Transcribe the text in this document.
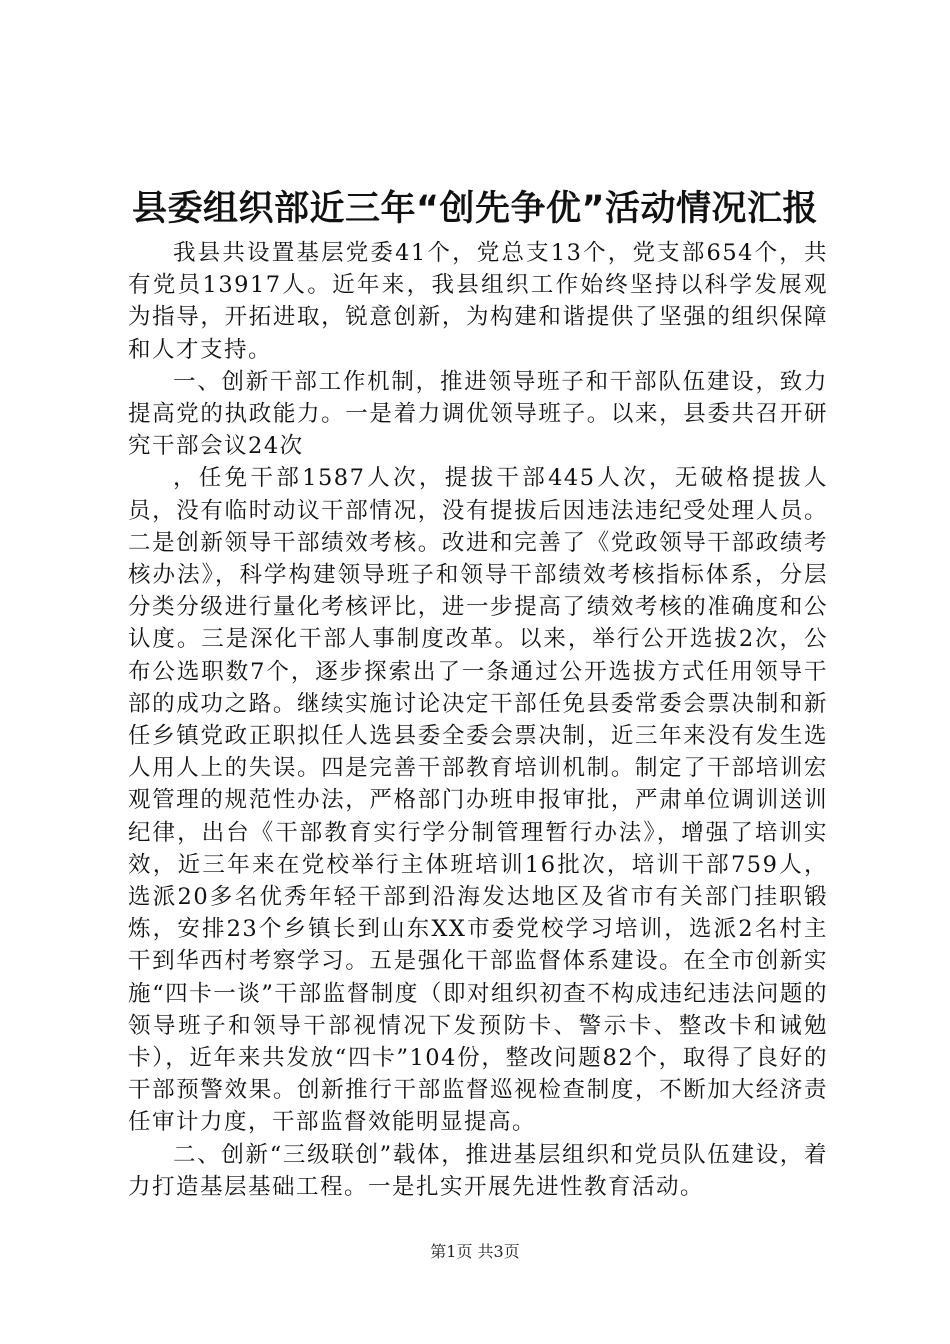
县委组织部近三年“创先争优”活动情况汇报

我县共设置基层党委41个，党总支13个，党支部654个，共有党员13917人。近年来，我县组织工作始终坚持以科学发展观为指导，开拓进取，锐意创新，为构建和谐提供了坚强的组织保障和人才支持。

一、创新干部工作机制，推进领导班子和干部队伍建设，致力提高党的执政能力。一是着力调优领导班子。以来，县委共召开研究干部会议24次

，任免干部1587人次，提拔干部445人次，无破格提拔人员，没有临时动议干部情况，没有提拔后因违法违纪受处理人员。二是创新领导干部绩效考核。改进和完善了《党政领导干部政绩考核办法》，科学构建领导班子和领导干部绩效考核指标体系，分层分类分级进行量化考核评比，进一步提高了绩效考核的准确度和公认度。三是深化干部人事制度改革。以来，举行公开选拔2次，公布公选职数7个，逐步探索出了一条通过公开选拔方式任用领导干部的成功之路。继续实施讨论决定干部任免县委常委会票决制和新任乡镇党政正职拟任人选县委全委会票决制，近三年来没有发生选人用人上的失误。四是完善干部教育培训机制。制定了干部培训宏观管理的规范性办法，严格部门办班申报审批，严肃单位调训送训纪律，出台《干部教育实行学分制管理暂行办法》，增强了培训实效，近三年来在党校举行主体班培训16批次，培训干部759人，选派20多名优秀年轻干部到沿海发达地区及省市有关部门挂职锻炼，安排23个乡镇长到山东XX市委党校学习培训，选派2名村主干到华西村考察学习。五是强化干部监督体系建设。在全市创新实施“四卡一谈”干部监督制度（即对组织初查不构成违纪违法问题的领导班子和领导干部视情况下发预防卡、警示卡、整改卡和诫勉卡），近年来共发放“四卡”104份，整改问题82个，取得了良好的干部预警效果。创新推行干部监督巡视检查制度，不断加大经济责任审计力度，干部监督效能明显提高。

二、创新“三级联创”载体，推进基层组织和党员队伍建设，着力打造基层基础工程。一是扎实开展先进性教育活动。

第1页 共3页
